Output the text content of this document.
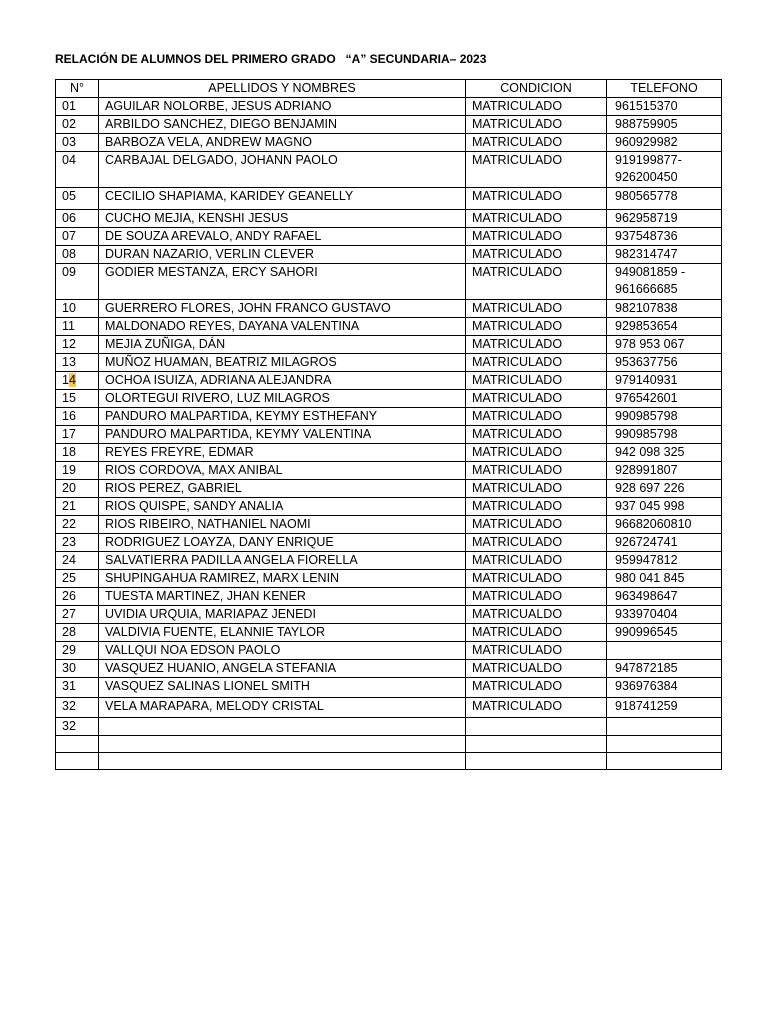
RELACIÓN DE ALUMNOS DEL PRIMERO GRADO   “A” SECUNDARIA– 2023
N°	APELLIDOS Y NOMBRES	CONDICION	TELEFONO
01	AGUILAR NOLORBE, JESUS ADRIANO	MATRICULADO	961515370
02	ARBILDO SANCHEZ, DIEGO BENJAMIN	MATRICULADO	988759905
03	BARBOZA VELA, ANDREW MAGNO	MATRICULADO	960929982
04	CARBAJAL DELGADO, JOHANN PAOLO	MATRICULADO	919199877-
926200450
05	CECILIO SHAPIAMA, KARIDEY GEANELLY	MATRICULADO	980565778
06	CUCHO MEJIA, KENSHI JESUS	MATRICULADO	962958719
07	DE SOUZA AREVALO, ANDY RAFAEL	MATRICULADO	937548736
08	DURAN NAZARIO, VERLIN CLEVER	MATRICULADO	982314747
09	GODIER MESTANZA, ERCY SAHORI	MATRICULADO	949081859 -
961666685
10	GUERRERO FLORES, JOHN FRANCO GUSTAVO	MATRICULADO	982107838
11	MALDONADO REYES, DAYANA VALENTINA	MATRICULADO	929853654
12	MEJIA ZUÑIGA, DÁN	MATRICULADO	978 953 067
13	MUÑOZ HUAMAN, BEATRIZ MILAGROS	MATRICULADO	953637756
14	OCHOA ISUIZA, ADRIANA ALEJANDRA	MATRICULADO	979140931
15	OLORTEGUI RIVERO, LUZ MILAGROS	MATRICULADO	976542601
16	PANDURO MALPARTIDA, KEYMY ESTHEFANY	MATRICULADO	990985798
17	PANDURO MALPARTIDA, KEYMY VALENTINA	MATRICULADO	990985798
18	REYES FREYRE, EDMAR	MATRICULADO	942 098 325
19	RIOS CORDOVA, MAX ANIBAL	MATRICULADO	928991807
20	RIOS PEREZ, GABRIEL	MATRICULADO	928 697 226
21	RIOS QUISPE, SANDY ANALIA	MATRICULADO	937 045 998
22	RIOS RIBEIRO, NATHANIEL NAOMI	MATRICULADO	96682060810
23	RODRIGUEZ LOAYZA, DANY ENRIQUE	MATRICULADO	926724741
24	SALVATIERRA PADILLA ANGELA FIORELLA	MATRICULADO	959947812
25	SHUPINGAHUA RAMIREZ, MARX LENIN	MATRICULADO	980 041 845
26	TUESTA MARTINEZ, JHAN KENER	MATRICULADO	963498647
27	UVIDIA URQUIA, MARIAPAZ JENEDI	MATRICUALDO	933970404
28	VALDIVIA FUENTE, ELANNIE TAYLOR	MATRICULADO	990996545
29	VALLQUI NOA EDSON PAOLO	MATRICULADO	
30	VASQUEZ HUANIO, ANGELA STEFANIA	MATRICUALDO	947872185
31	VASQUEZ SALINAS LIONEL SMITH	MATRICULADO	936976384
32	VELA MARAPARA, MELODY CRISTAL	MATRICULADO	918741259
32			
